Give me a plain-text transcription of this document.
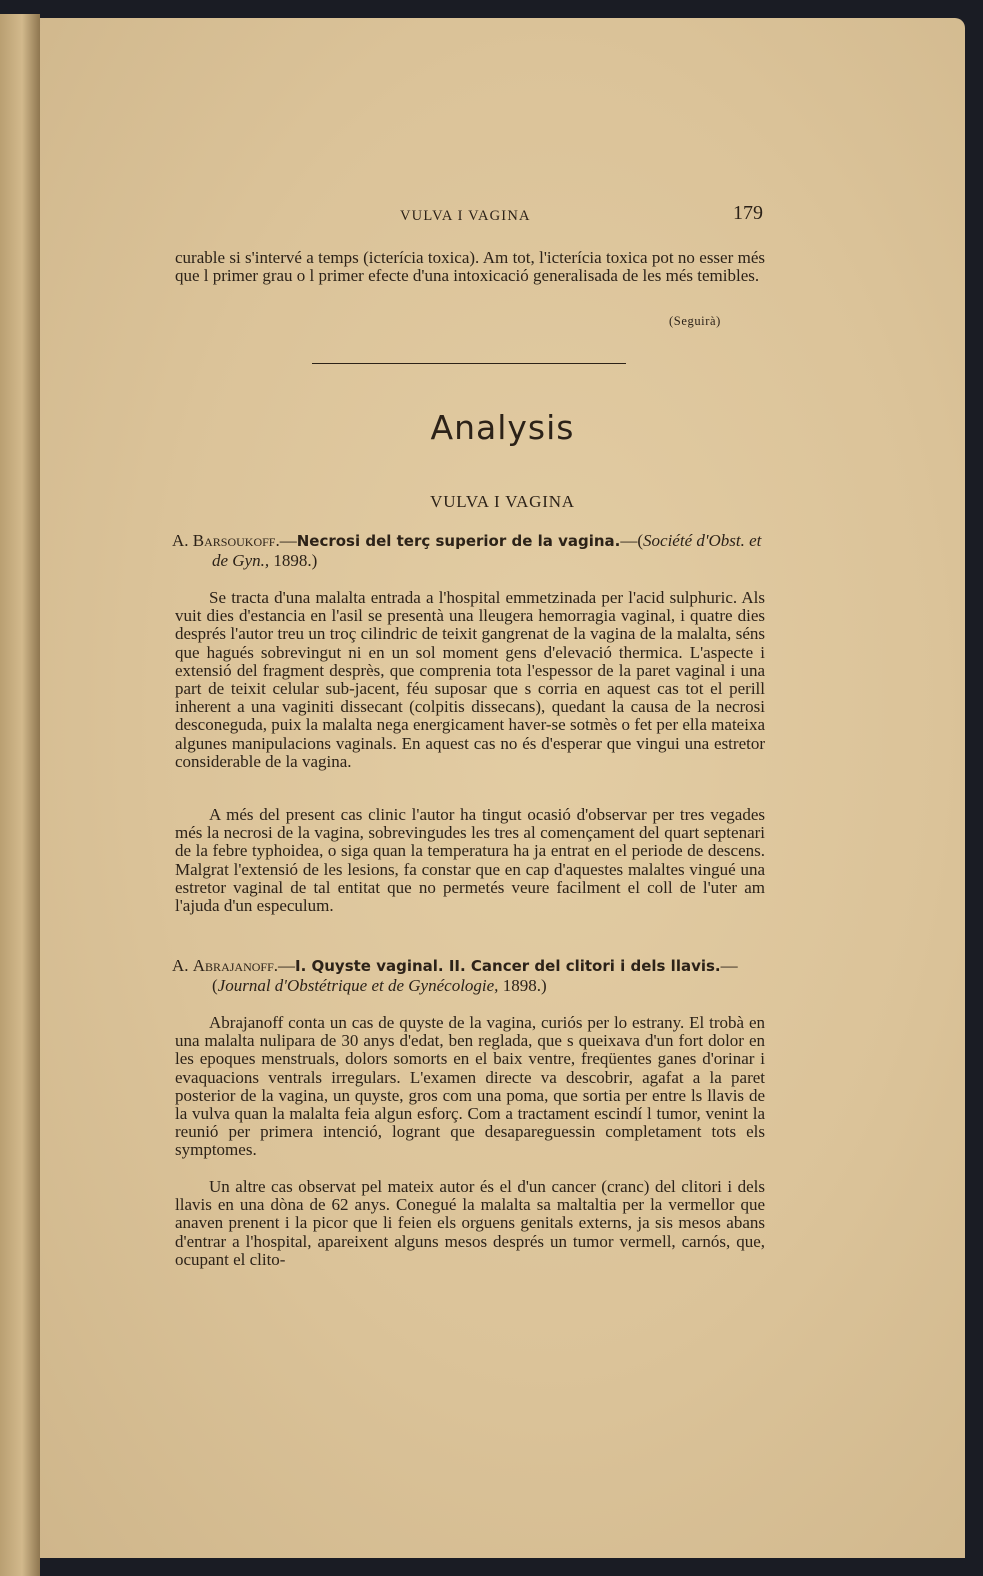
VULVA I VAGINA	179

curable si s'intervé a temps (icterícia toxica). Am tot, l'icterícia toxica pot no esser més que l primer grau o l primer efecte d'una intoxicació generalisada de les més temibles.

(Seguirà)
Analysis
VULVA I VAGINA

A. Barsoukoff.—Necrosi del terç superior de la vagina.—(Société d'Obst. et de Gyn., 1898.)

Se tracta d'una malalta entrada a l'hospital emmetzinada per l'acid sulphuric. Als vuit dies d'estancia en l'asil se presentà una lleugera hemorragia vaginal, i quatre dies després l'autor treu un troç cilindric de teixit gangrenat de la vagina de la malalta, séns que hagués sobrevingut ni en un sol moment gens d'elevació thermica. L'aspecte i extensió del fragment desprès, que comprenia tota l'espessor de la paret vaginal i una part de teixit celular sub-jacent, féu suposar que s corria en aquest cas tot el perill inherent a una vaginiti dissecant (colpitis dissecans), quedant la causa de la necrosi desconeguda, puix la malalta nega energicament haver-se sotmès o fet per ella mateixa algunes manipulacions vaginals. En aquest cas no és d'esperar que vingui una estretor considerable de la vagina.

A més del present cas clinic l'autor ha tingut ocasió d'observar per tres vegades més la necrosi de la vagina, sobrevingudes les tres al començament del quart septenari de la febre typhoidea, o siga quan la temperatura ha ja entrat en el periode de descens. Malgrat l'extensió de les lesions, fa constar que en cap d'aquestes malaltes vingué una estretor vaginal de tal entitat que no permetés veure facilment el coll de l'uter am l'ajuda d'un especulum.

A. Abrajanoff.—I. Quyste vaginal. II. Cancer del clitori i dels llavis.—(Journal d'Obstétrique et de Gynécologie, 1898.)

Abrajanoff conta un cas de quyste de la vagina, curiós per lo estrany. El trobà en una malalta nulipara de 30 anys d'edat, ben reglada, que s queixava d'un fort dolor en les epoques menstruals, dolors somorts en el baix ventre, freqüentes ganes d'orinar i evaquacions ventrals irregulars. L'examen directe va descobrir, agafat a la paret posterior de la vagina, un quyste, gros com una poma, que sortia per entre ls llavis de la vulva quan la malalta feia algun esforç. Com a tractament escindí l tumor, venint la reunió per primera intenció, logrant que desapareguessin completament tots els symptomes.

Un altre cas observat pel mateix autor és el d'un cancer (cranc) del clitori i dels llavis en una dòna de 62 anys. Conegué la malalta sa maltaltia per la vermellor que anaven prenent i la picor que li feien els orguens genitals externs, ja sis mesos abans d'entrar a l'hospital, apareixent alguns mesos després un tumor vermell, carnós, que, ocupant el clito-
